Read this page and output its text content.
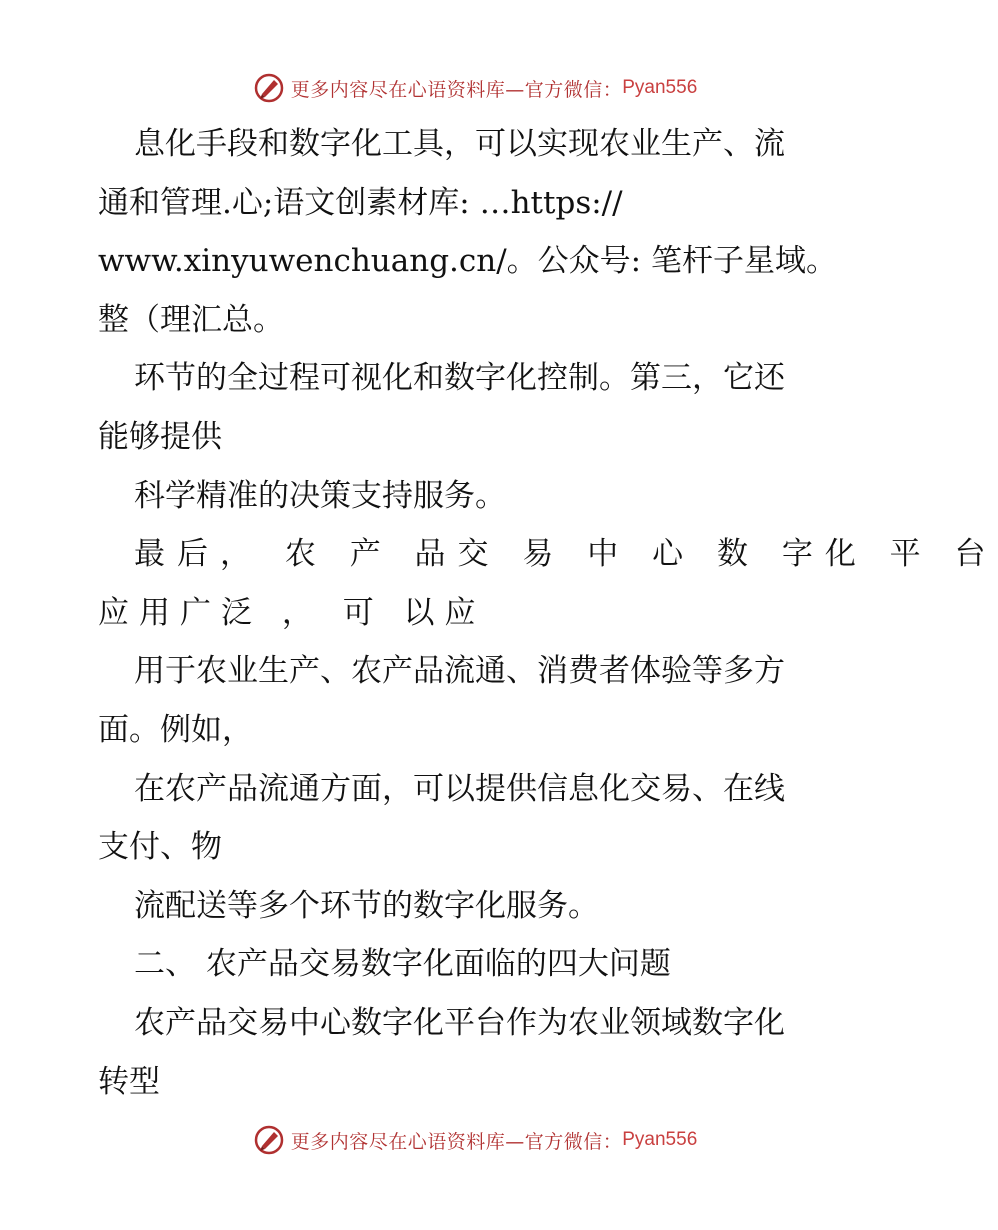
更多内容尽在心语资料库—官方微信： Pyan556
息化手段和数字化工具，可以实现农业生产、流
通和管理.心;语文创素材库: …https://
www.xinyuwenchuang.cn/。公众号: 笔杆子星域。
整（理汇总。
环节的全过程可视化和数字化控制。第三，它还
能够提供
科学精准的决策支持服务。
最后， 农 产 品交 易 中 心 数 字化 平 台
应用广泛 ， 可 以应
用于农业生产、农产品流通、消费者体验等多方
面。例如，
在农产品流通方面，可以提供信息化交易、在线
支付、物
流配送等多个环节的数字化服务。
二、 农产品交易数字化面临的四大问题
农产品交易中心数字化平台作为农业领域数字化
转型
更多内容尽在心语资料库—官方微信： Pyan556
